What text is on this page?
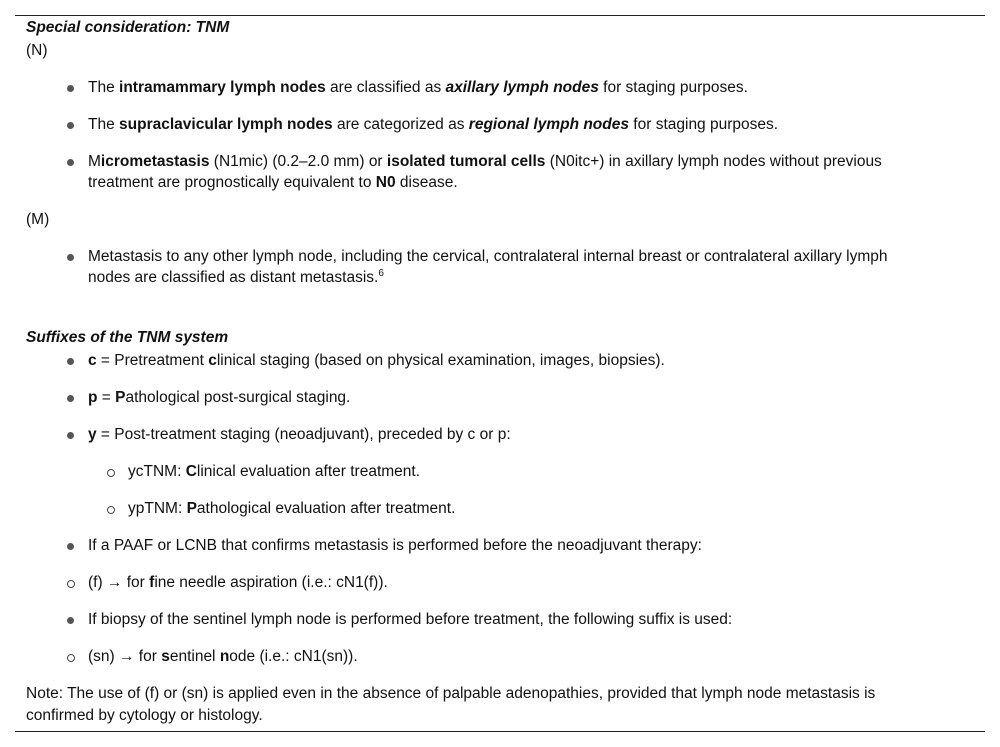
Special consideration: TNM
(N)
The intramammary lymph nodes are classified as axillary lymph nodes for staging purposes.
The supraclavicular lymph nodes are categorized as regional lymph nodes for staging purposes.
Micrometastasis (N1mic) (0.2–2.0 mm) or isolated tumoral cells (N0itc+) in axillary lymph nodes without previous treatment are prognostically equivalent to N0 disease.
(M)
Metastasis to any other lymph node, including the cervical, contralateral internal breast or contralateral axillary lymph nodes are classified as distant metastasis.$^6$
Suffixes of the TNM system
c = Pretreatment clinical staging (based on physical examination, images, biopsies).
p = Pathological post-surgical staging.
y = Post-treatment staging (neoadjuvant), preceded by c or p:
ycTNM: Clinical evaluation after treatment.
ypTNM: Pathological evaluation after treatment.
If a PAAF or LCNB that confirms metastasis is performed before the neoadjuvant therapy:
(f) → for fine needle aspiration (i.e.: cN1(f)).
If biopsy of the sentinel lymph node is performed before treatment, the following suffix is used:
(sn) → for sentinel node (i.e.: cN1(sn)).
Note: The use of (f) or (sn) is applied even in the absence of palpable adenopathies, provided that lymph node metastasis is confirmed by cytology or histology.
